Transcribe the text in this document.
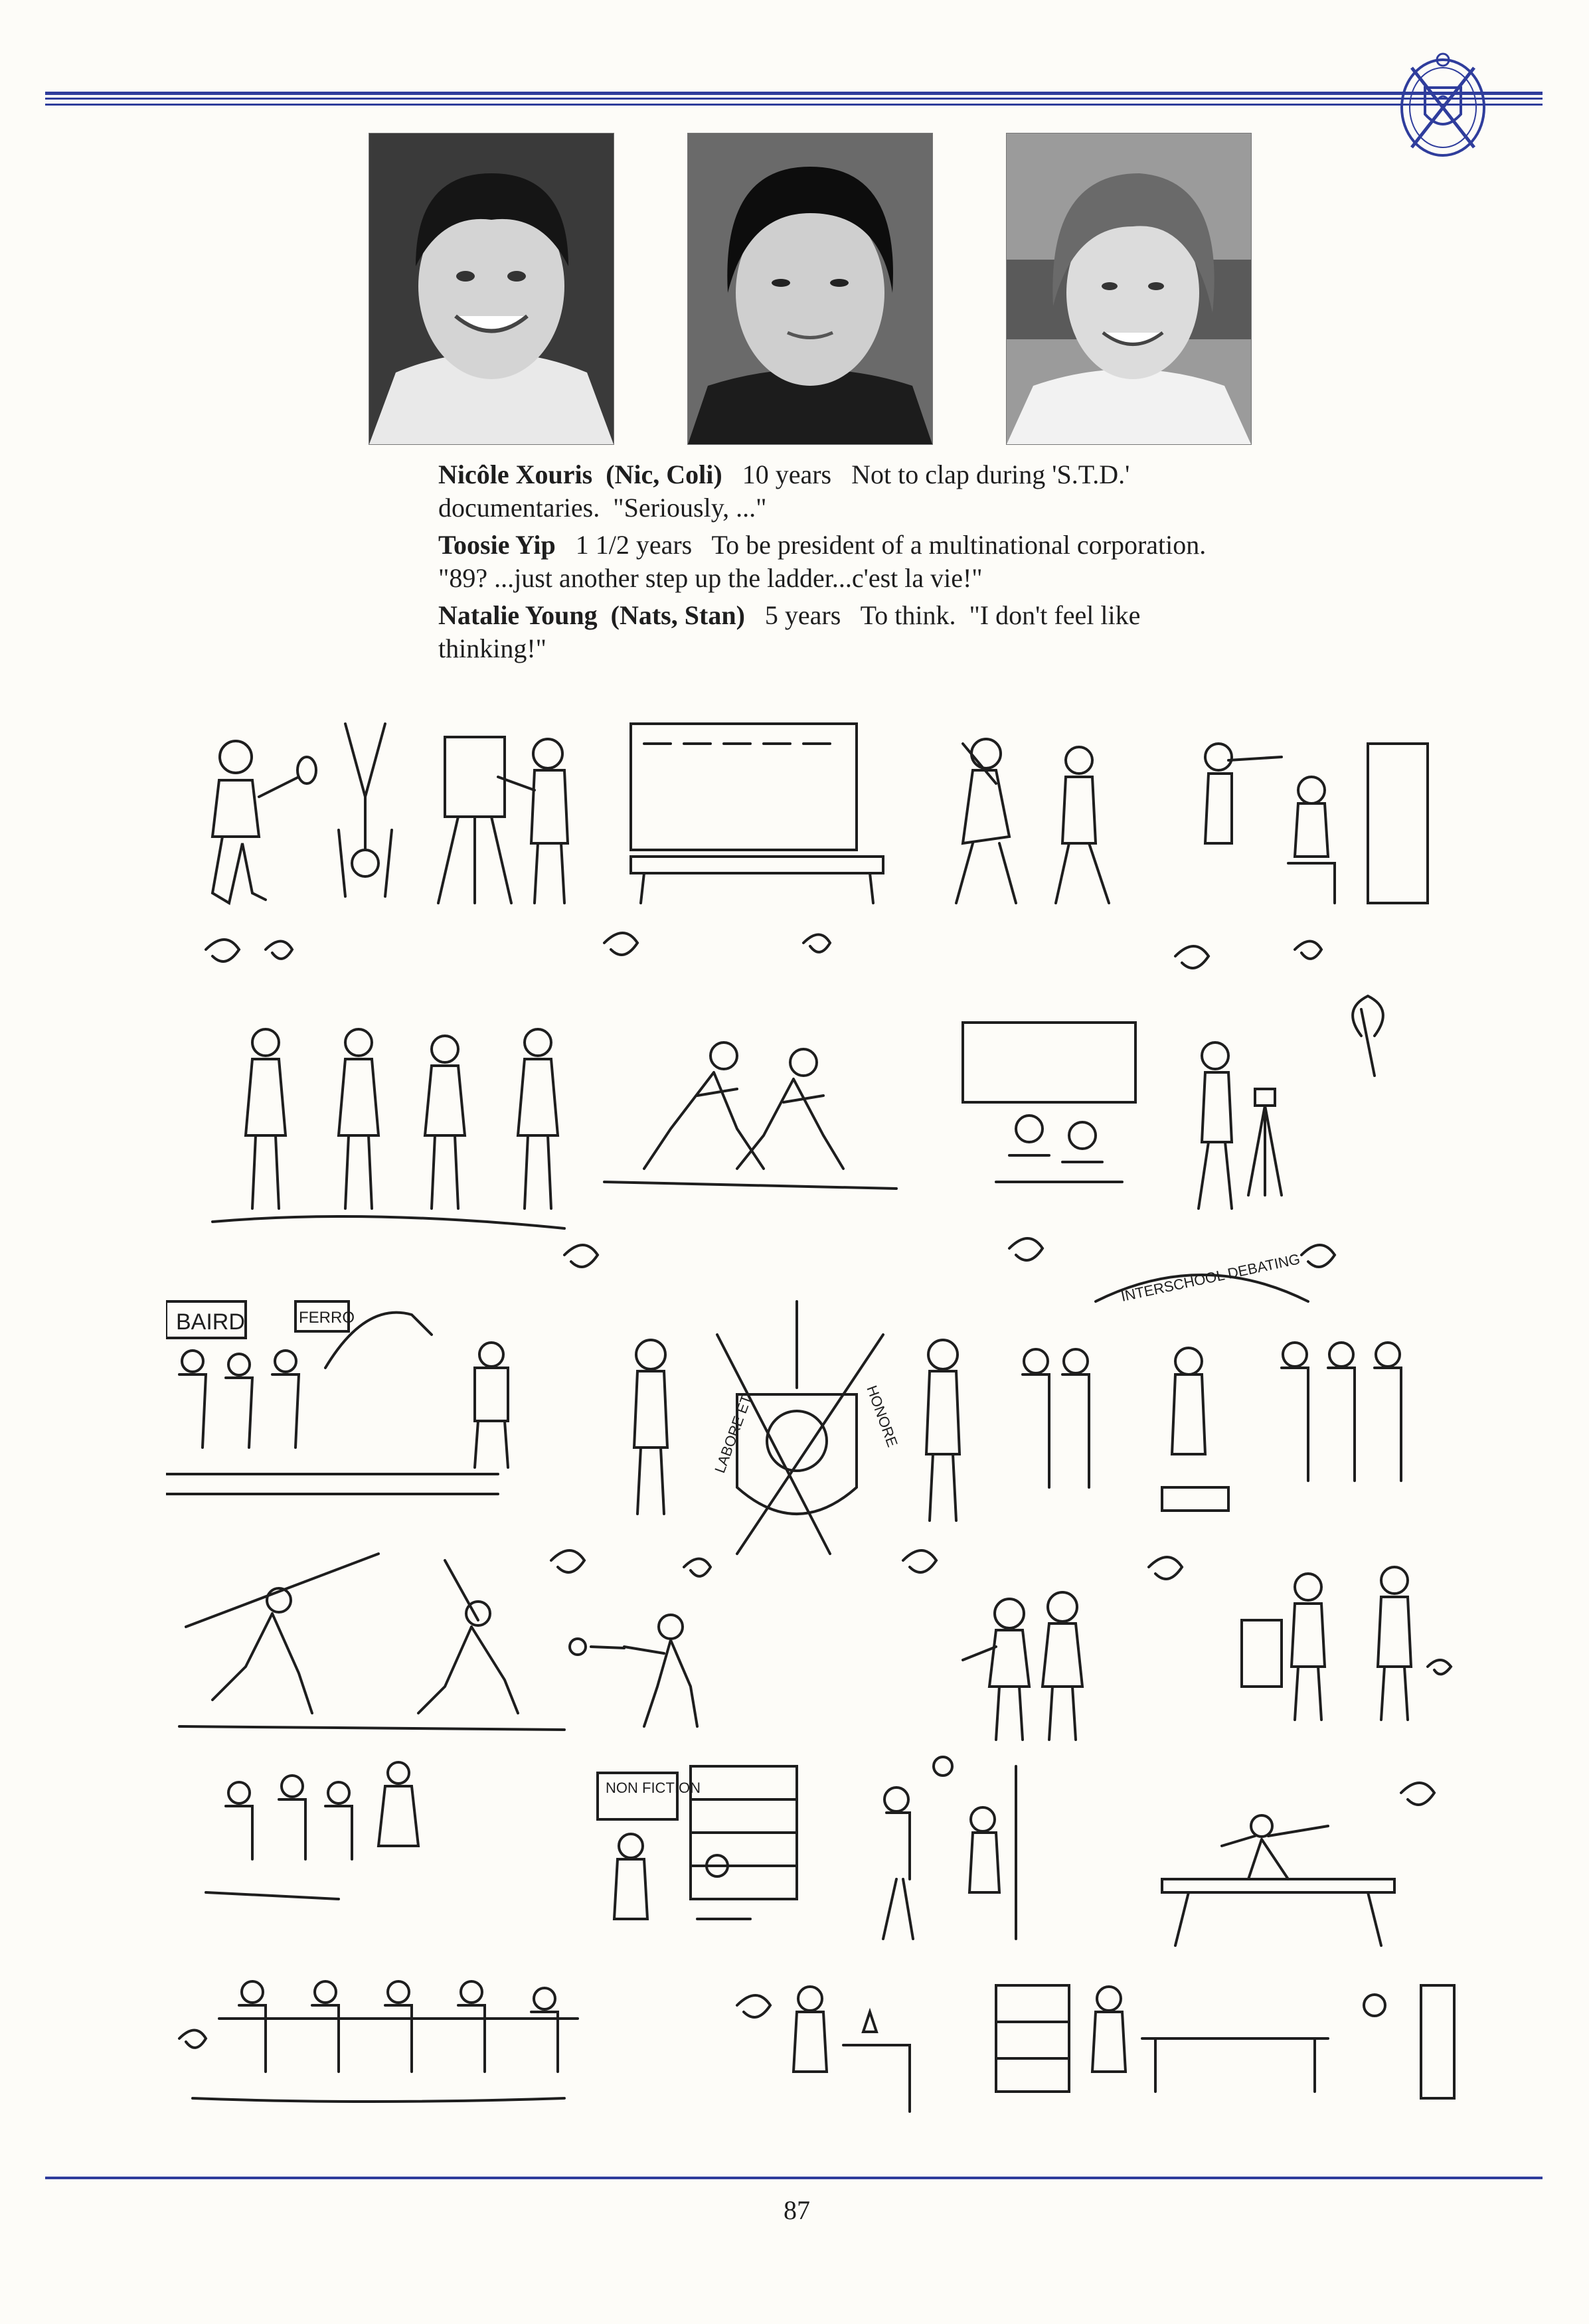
Nicôle Xouris (Nic, Coli) 10 years Not to clap during 'S.T.D.' documentaries. "Seriously, ..."

Toosie Yip 1 1/2 years To be president of a multinational corporation.  "89? ...just another step up the ladder...c'est la vie!"

Natalie Young (Nats, Stan) 5 years To think. "I don't feel like thinking!"

BAIRD	FERRO
LABORE ET	HONORE
INTERSCHOOL DEBATING
NON FICTION
87
